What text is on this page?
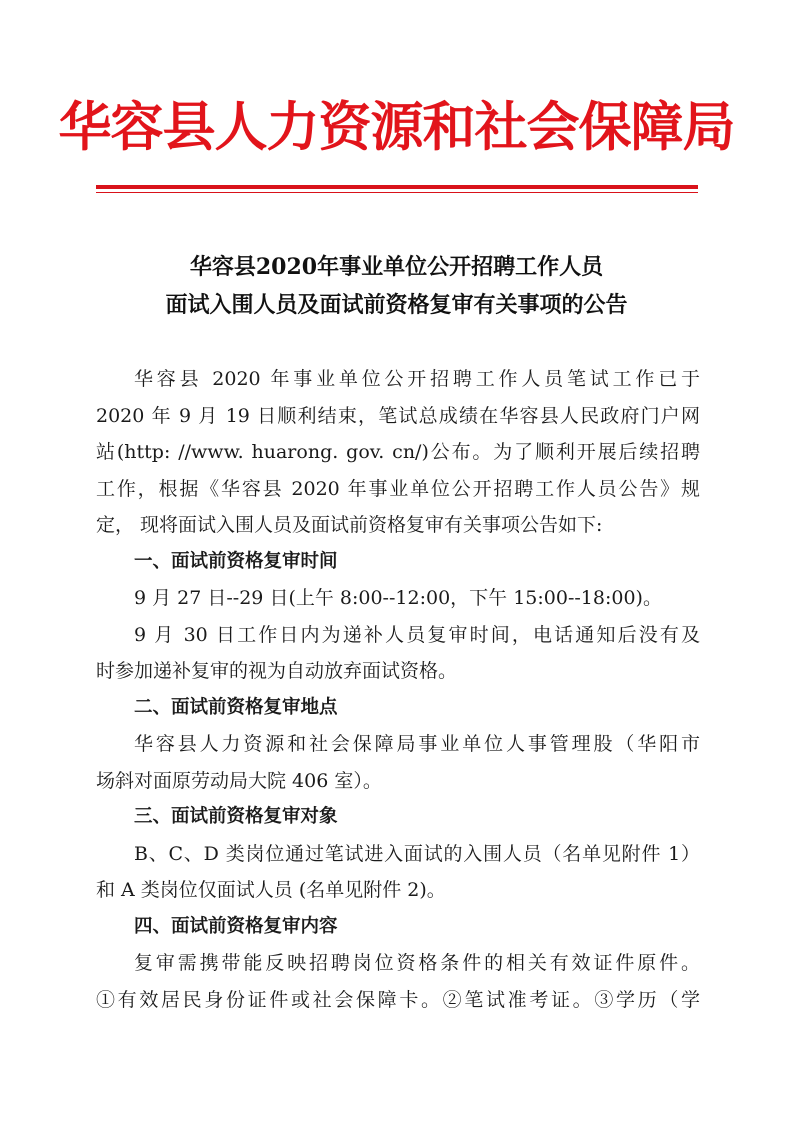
华容县人力资源和社会保障局
华容县2020年事业单位公开招聘工作人员
面试入围人员及面试前资格复审有关事项的公告
华容县 2020 年事业单位公开招聘工作人员笔试工作已于
2020 年 9 月 19 日顺利结束，笔试总成绩在华容县人民政府门户网
站(http: //www. huarong. gov. cn/)公布。为了顺利开展后续招聘
工作，根据《华容县 2020 年事业单位公开招聘工作人员公告》规
定， 现将面试入围人员及面试前资格复审有关事项公告如下:
一、面试前资格复审时间
9 月 27 日--29 日(上午 8:00--12:00，下午 15:00--18:00)。
9 月 30 日工作日内为递补人员复审时间，电话通知后没有及
时参加递补复审的视为自动放弃面试资格。
二、面试前资格复审地点
华容县人力资源和社会保障局事业单位人事管理股（华阳市
场斜对面原劳动局大院 406 室）。
三、面试前资格复审对象
B、C、D 类岗位通过笔试进入面试的入围人员（名单见附件 1）
和 A 类岗位仅面试人员 (名单见附件 2)。
四、面试前资格复审内容
复审需携带能反映招聘岗位资格条件的相关有效证件原件。
①有效居民身份证件或社会保障卡。②笔试准考证。③学历（学
